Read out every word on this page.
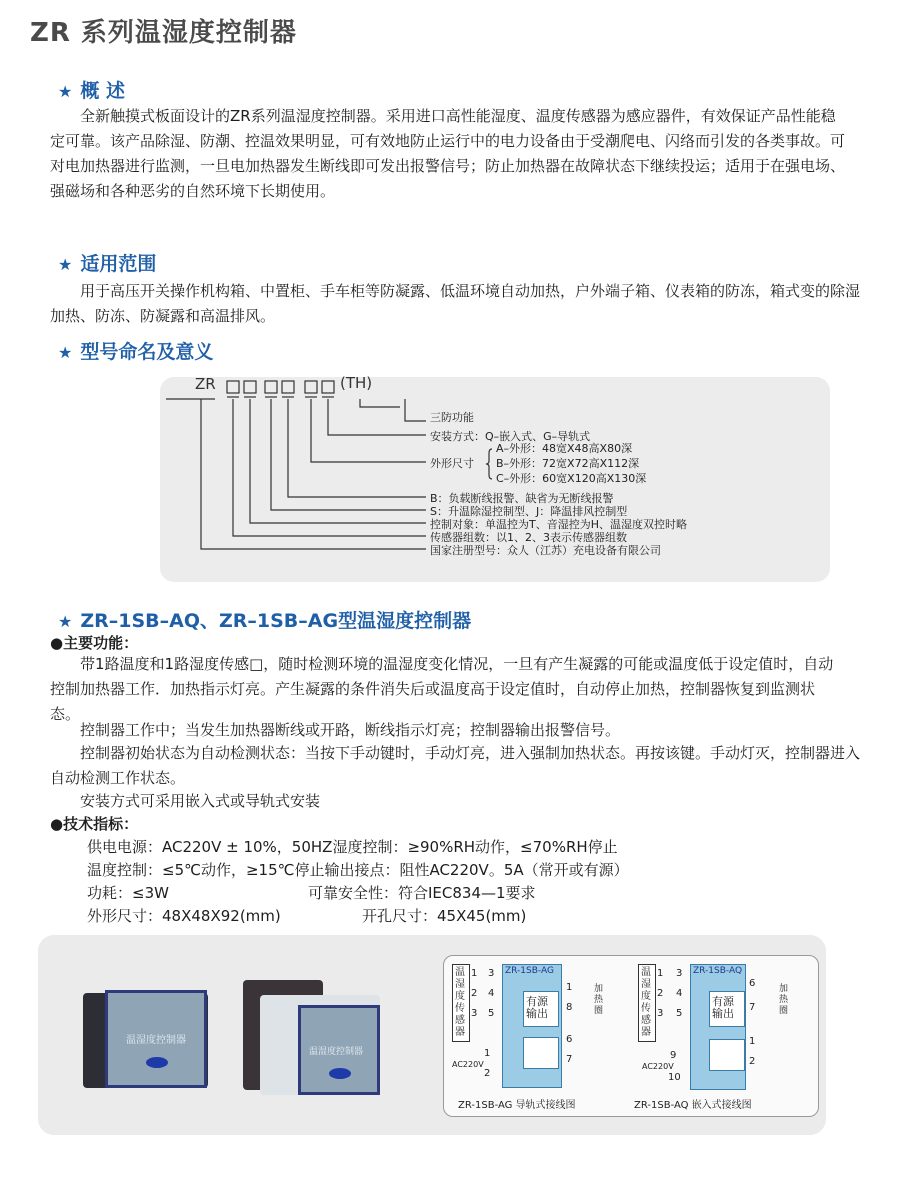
ZR 系列温湿度控制器
★ 概 述
全新触摸式板面设计的ZR系列温湿度控制器。采用进口高性能湿度、温度传感器为感应器件，有效保证产品性能稳定可靠。该产品除湿、防潮、控温效果明显，可有效地防止运行中的电力设备由于受潮爬电、闪络而引发的各类事故。可对电加热器进行监测，一旦电加热器发生断线即可发出报警信号；防止加热器在故障状态下继续投运；适用于在强电场、强磁场和各种恶劣的自然环境下长期使用。
★ 适用范围
用于高压开关操作机构箱、中置柜、手车柜等防凝露、低温环境自动加热，户外端子箱、仪表箱的防冻，箱式变的除湿加热、防冻、防凝露和高温排风。
★ 型号命名及意义
ZR	(TH)
三防功能
安装方式：Q–嵌入式、G–导轨式
外形尺寸
A–外形：48宽X48高X80深
B–外形：72宽X72高X112深
C–外形：60宽X120高X130深
B：负载断线报警、缺省为无断线报警
S：升温除湿控制型、J：降温排风控制型
控制对象：单温控为T、音湿控为H、温湿度双控时略
传感器组数：以1、2、3表示传感器组数
国家注册型号：众人（江苏）充电设备有限公司
★ ZR–1SB–AQ、ZR–1SB–AG型温湿度控制器
●主要功能：
带1路温度和1路湿度传感□，随时检测环境的温湿度变化情况，一旦有产生凝露的可能或温度低于设定值时，自动控制加热器工作．加热指示灯亮。产生凝露的条件消失后或温度高于设定值时，自动停止加热，控制器恢复到监测状态。
控制器工作中；当发生加热器断线或开路，断线指示灯亮；控制器输出报警信号。
控制器初始状态为自动检测状态：当按下手动键时，手动灯亮，进入强制加热状态。再按该键。手动灯灭，控制器进入自动检测工作状态。
安装方式可采用嵌入式或导轨式安装
●技术指标：
供电电源：AC220V ± 10%，50HZ湿度控制：≥90%RH动作，≤70%RH停止
温度控制：≤5℃动作，≥15℃停止输出接点：阻性AC220V。5A（常开或有源）
功耗：≤3W	可靠安全性：符合IEC834—1要求
外形尺寸：48X48X92(mm)	开孔尺寸：45X45(mm)
温湿度控制器
温湿度控制器
温湿度传感器
ZR-1SB-AG
有源输出
1
2
3
3
4
5
1
8
6
7
加热圈
AC220V
1
2
ZR-1SB-AG 导轨式接线图
温湿度传感器
ZR-1SB-AQ
有源输出
1
2
3
3
4
5
6
7
1
2
加热圈
AC220V
9
10
ZR-1SB-AQ 嵌入式接线图
